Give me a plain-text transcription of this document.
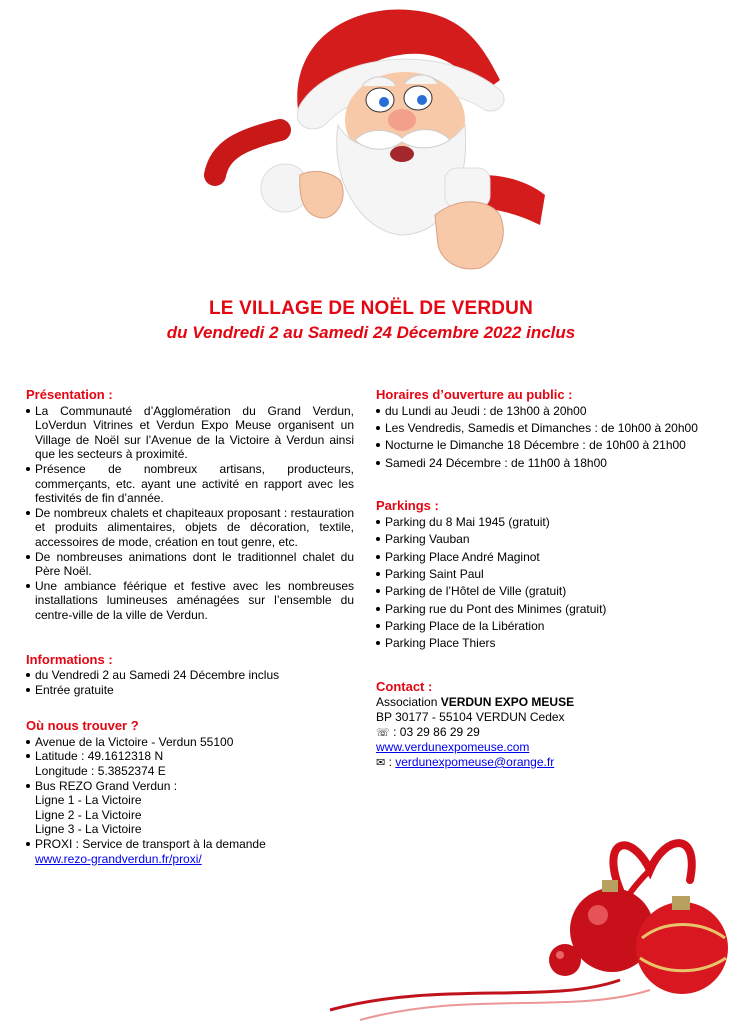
LE VILLAGE DE NOËL DE VERDUN
du Vendredi 2 au Samedi 24 Décembre 2022 inclus
Présentation :
La Communauté d’Agglomération du Grand Verdun, LoVerdun Vitrines et Verdun Expo Meuse organisent un Village de Noël sur l’Avenue de la Victoire à Verdun ainsi que les secteurs à proximité.
Présence de nombreux artisans, producteurs, commerçants, etc. ayant une activité en rapport avec les festivités de fin d’année.
De nombreux chalets et chapiteaux proposant : restauration et produits alimentaires, objets de décoration, textile, accessoires de mode, création en tout genre, etc.
De nombreuses animations dont le traditionnel chalet du Père Noël.
Une ambiance féérique et festive avec les nombreuses installations lumineuses aménagées sur l’ensemble du centre-ville de la ville de Verdun.
Informations :
du Vendredi 2 au Samedi 24 Décembre inclus
Entrée gratuite
Où nous trouver ?
Avenue de la Victoire - Verdun 55100
Latitude : 49.1612318 N
Longitude : 5.3852374 E
Bus REZO Grand Verdun :
Ligne 1 - La Victoire
Ligne 2 - La Victoire
Ligne 3 - La Victoire
PROXI : Service de transport à la demande
www.rezo-grandverdun.fr/proxi/
Horaires d’ouverture au public :
du Lundi au Jeudi : de 13h00 à 20h00
Les Vendredis, Samedis et Dimanches : de 10h00 à 20h00
Nocturne le Dimanche 18 Décembre : de 10h00 à 21h00
Samedi 24 Décembre : de 11h00 à 18h00
Parkings :
Parking du 8 Mai 1945 (gratuit)
Parking Vauban
Parking Place André Maginot
Parking Saint Paul
Parking de l’Hôtel de Ville (gratuit)
Parking rue du Pont des Minimes (gratuit)
Parking Place de la Libération
Parking Place Thiers
Contact :
Association VERDUN EXPO MEUSE
BP 30177 - 55104 VERDUN Cedex
☏ : 03 29 86 29 29
www.verdunexpomeuse.com
✉ : verdunexpomeuse@orange.fr
